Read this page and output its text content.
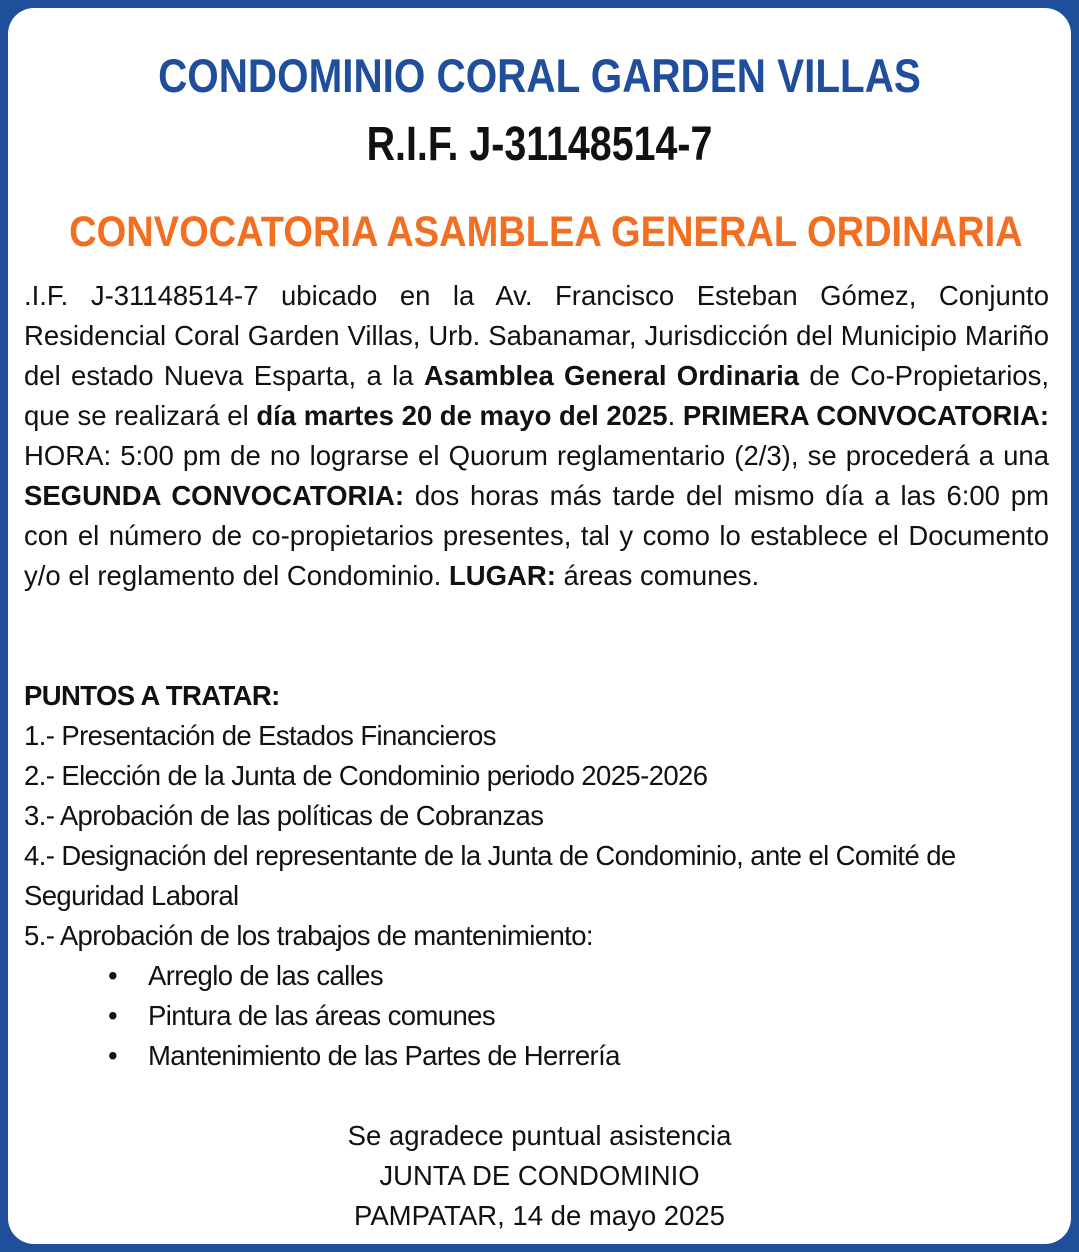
CONDOMINIO CORAL GARDEN VILLAS
R.I.F. J-31148514-7
CONVOCATORIA ASAMBLEA GENERAL ORDINARIA
.I.F. J-31148514-7 ubicado en la Av. Francisco Esteban Gómez, Conjunto Residencial Coral Garden Villas, Urb. Sabanamar, Jurisdicción del Municipio Mariño del estado Nueva Esparta, a la Asamblea General Ordinaria de Co-Propietarios, que se realizará el día martes 20 de mayo del 2025. PRIMERA CONVOCATORIA: HORA: 5:00 pm de no lograrse el Quorum reglamentario (2/3), se procederá a una SEGUNDA CONVOCATORIA: dos horas más tarde del mismo día a las 6:00 pm con el número de co-propietarios presentes, tal y como lo establece el Documento y/o el reglamento del Condominio. LUGAR: áreas comunes.
PUNTOS A TRATAR:
1.- Presentación de Estados Financieros
2.- Elección de la Junta de Condominio periodo 2025-2026
3.- Aprobación de las políticas de Cobranzas
4.- Designación del representante de la Junta de Condominio, ante el Comité de Seguridad Laboral
5.- Aprobación de los trabajos de mantenimiento:
• Arreglo de las calles
• Pintura de las áreas comunes
• Mantenimiento de las Partes de Herrería
Se agradece puntual asistencia
JUNTA DE CONDOMINIO
PAMPATAR, 14 de mayo 2025
